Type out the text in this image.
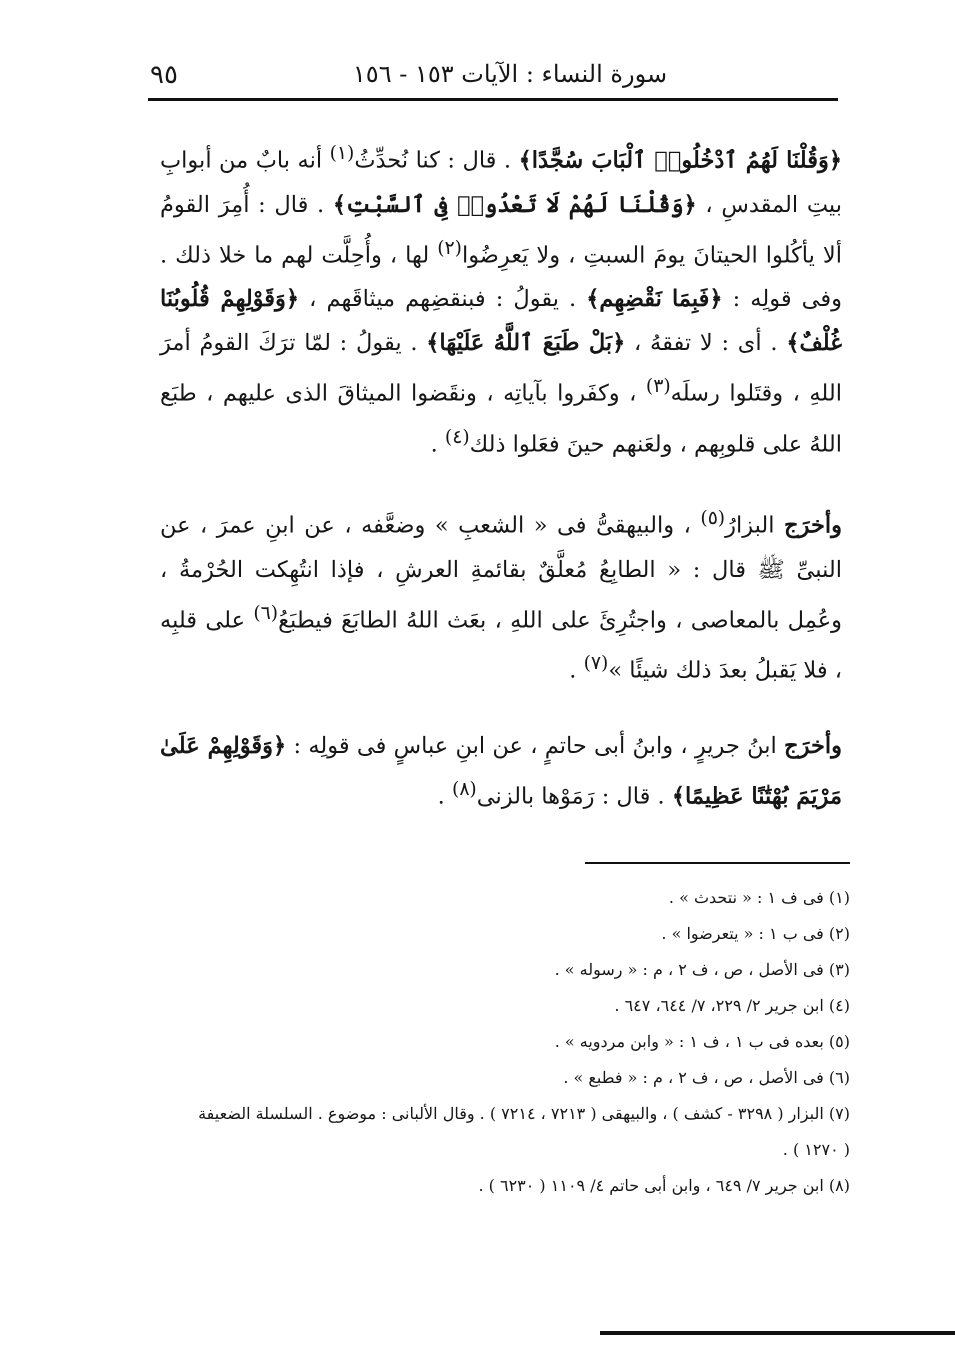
٩٥	سورة النساء : الآيات ١٥٣ - ١٥٦

﴿وَقُلْنَا لَهُمُ ٱدْخُلُوا۟ ٱلْبَابَ سُجَّدًا﴾ . قال : كنا نُحدِّثُ$^{(١)}$ أنه بابٌ من أبوابِ بيتِ المقدسِ ، ﴿وَقُلْنَا لَهُمْ لَا تَعْدُوا۟ فِى ٱلسَّبْتِ﴾ . قال : أُمِرَ القومُ ألا يأكُلوا الحيتانَ يومَ السبتِ ، ولا يَعرِضُوا$^{(٢)}$ لها ، وأُحِلَّت لهم ما خلا ذلك . وفى قولِه : ﴿فَبِمَا نَقْضِهِم﴾ . يقولُ : فبنقضِهم ميثاقَهم ، ﴿وَقَوْلِهِمْ قُلُوبُنَا غُلْفٌ﴾ . أى : لا تفقهُ ، ﴿بَلْ طَبَعَ ٱللَّهُ عَلَيْهَا﴾ . يقولُ : لمّا ترَكَ القومُ أمرَ اللهِ ، وقتَلوا رسلَه$^{(٣)}$ ، وكفَروا بآياتِه ، ونقَضوا الميثاقَ الذى عليهم ، طبَع اللهُ على قلوبِهم ، ولعَنهم حينَ فعَلوا ذلك$^{(٤)}$ .

وأخرَج البزارُ$^{(٥)}$ ، والبيهقىُّ فى « الشعبِ » وضعَّفه ، عن ابنِ عمرَ ، عن النبىِّ ﷺ قال : « الطابِعُ مُعلَّقٌ بقائمةِ العرشِ ، فإذا انتُهِكت الحُرْمةُ ، وعُمِل بالمعاصى ، واجتُرِئَ على اللهِ ، بعَث اللهُ الطابَعَ فيطبَعُ$^{(٦)}$ على قلبِه ، فلا يَقبلُ بعدَ ذلك شيئًا »$^{(٧)}$ .

وأخرَج ابنُ جريرٍ ، وابنُ أبى حاتمٍ ، عن ابنِ عباسٍ فى قولِه : ﴿وَقَوْلِهِمْ عَلَىٰ مَرْيَمَ بُهْتَٰنًا عَظِيمًا﴾ . قال : رَمَوْها بالزنى$^{(٨)}$ .

(١) فى ف ١ : « نتحدث » .

(٢) فى ب ١ : « يتعرضوا » .

(٣) فى الأصل ، ص ، ف ٢ ، م : « رسوله » .

(٤) ابن جرير ٢/ ٢٢٩، ٧/ ٦٤٤، ٦٤٧ .

(٥) بعده فى ب ١ ، ف ١ : « وابن مردويه » .

(٦) فى الأصل ، ص ، ف ٢ ، م : « فطبع » .

(٧) البزار ( ٣٢٩٨ - كشف ) ، والبيهقى ( ٧٢١٣ ، ٧٢١٤ ) . وقال الألبانى : موضوع . السلسلة الضعيفة

( ١٢٧٠ ) .

(٨) ابن جرير ٧/ ٦٤٩ ، وابن أبى حاتم ٤/ ١١٠٩ ( ٦٢٣٠ ) .
